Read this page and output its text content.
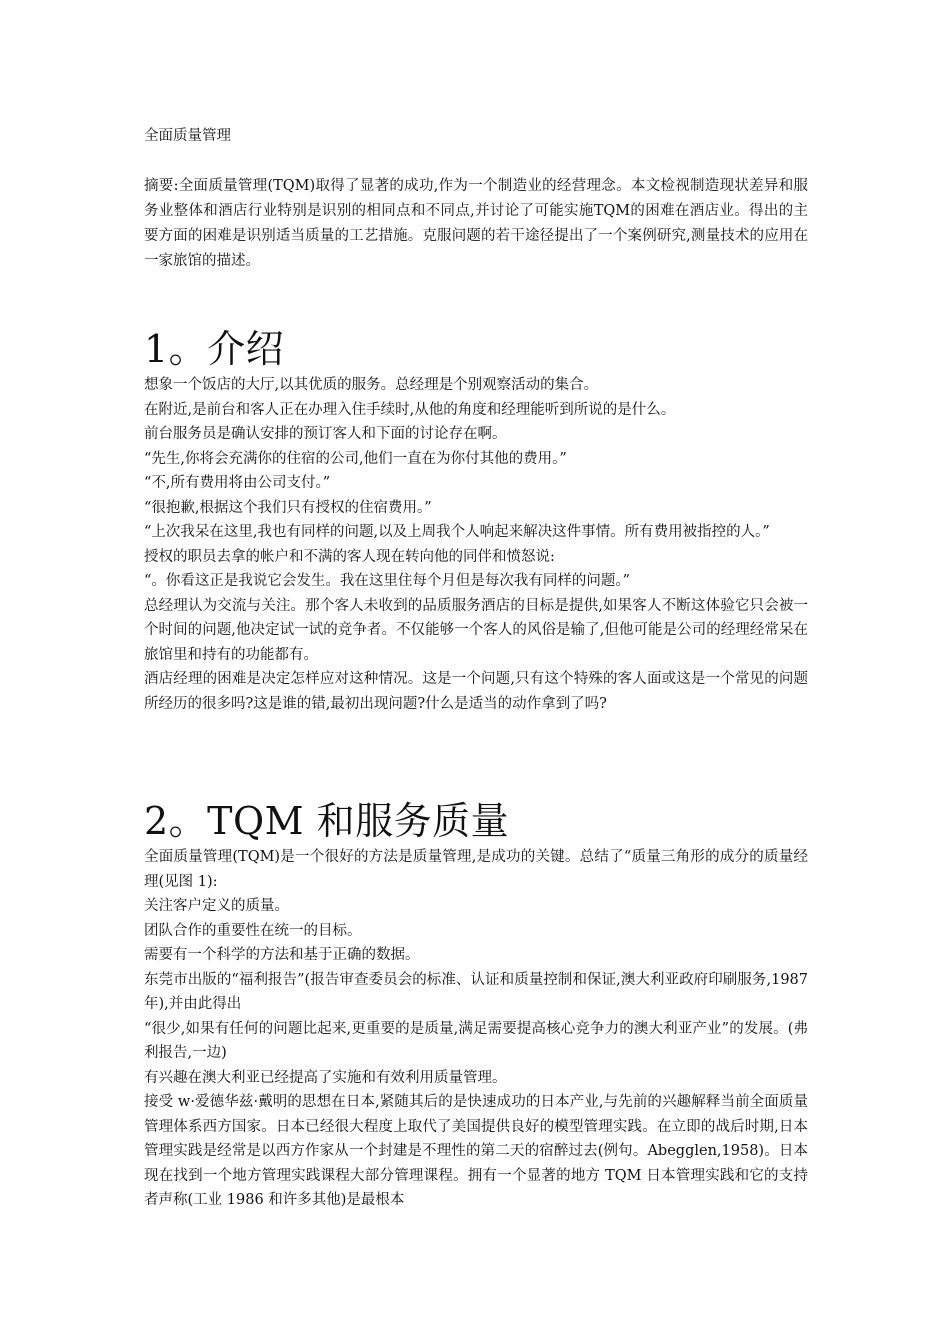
全面质量管理

摘要:全面质量管理(TQM)取得了显著的成功,作为一个制造业的经营理念。本文检视制造现状差异和服务业整体和酒店行业特别是识别的相同点和不同点,并讨论了可能实施TQM的困难在酒店业。得出的主要方面的困难是识别适当质量的工艺措施。克服问题的若干途径提出了一个案例研究,测量技术的应用在一家旅馆的描述。

1。介绍

想象一个饭店的大厅,以其优质的服务。总经理是个别观察活动的集合。

在附近,是前台和客人正在办理入住手续时,从他的角度和经理能听到所说的是什么。

前台服务员是确认安排的预订客人和下面的讨论存在啊。

“先生,你将会充满你的住宿的公司,他们一直在为你付其他的费用。”

“不,所有费用将由公司支付。”

“很抱歉,根据这个我们只有授权的住宿费用。”

“上次我呆在这里,我也有同样的问题,以及上周我个人响起来解决这件事情。所有费用被指控的人。”

授权的职员去拿的帐户和不满的客人现在转向他的同伴和愤怒说:

“。你看这正是我说它会发生。我在这里住每个月但是每次我有同样的问题。”

总经理认为交流与关注。那个客人未收到的品质服务酒店的目标是提供,如果客人不断这体验它只会被一个时间的问题,他决定试一试的竞争者。不仅能够一个客人的风俗是输了,但他可能是公司的经理经常呆在旅馆里和持有的功能都有。

酒店经理的困难是决定怎样应对这种情况。这是一个问题,只有这个特殊的客人面或这是一个常见的问题所经历的很多吗?这是谁的错,最初出现问题?什么是适当的动作拿到了吗?

2。TQM 和服务质量

全面质量管理(TQM)是一个很好的方法是质量管理,是成功的关键。总结了“质量三角形的成分的质量经理(见图 1):

关注客户定义的质量。

团队合作的重要性在统一的目标。

需要有一个科学的方法和基于正确的数据。

东莞市出版的“福利报告”(报告审查委员会的标准、认证和质量控制和保证,澳大利亚政府印刷服务,1987 年),并由此得出

“很少,如果有任何的问题比起来,更重要的是质量,满足需要提高核心竞争力的澳大利亚产业”的发展。(弗利报告,一边)

有兴趣在澳大利亚已经提高了实施和有效利用质量管理。

接受 w·爱德华兹·戴明的思想在日本,紧随其后的是快速成功的日本产业,与先前的兴趣解释当前全面质量管理体系西方国家。日本已经很大程度上取代了美国提供良好的模型管理实践。在立即的战后时期,日本管理实践是经常是以西方作家从一个封建是不理性的第二天的宿醉过去(例句。Abegglen,1958)。日本现在找到一个地方管理实践课程大部分管理课程。拥有一个显著的地方 TQM 日本管理实践和它的支持者声称(工业 1986 和许多其他)是最根本
